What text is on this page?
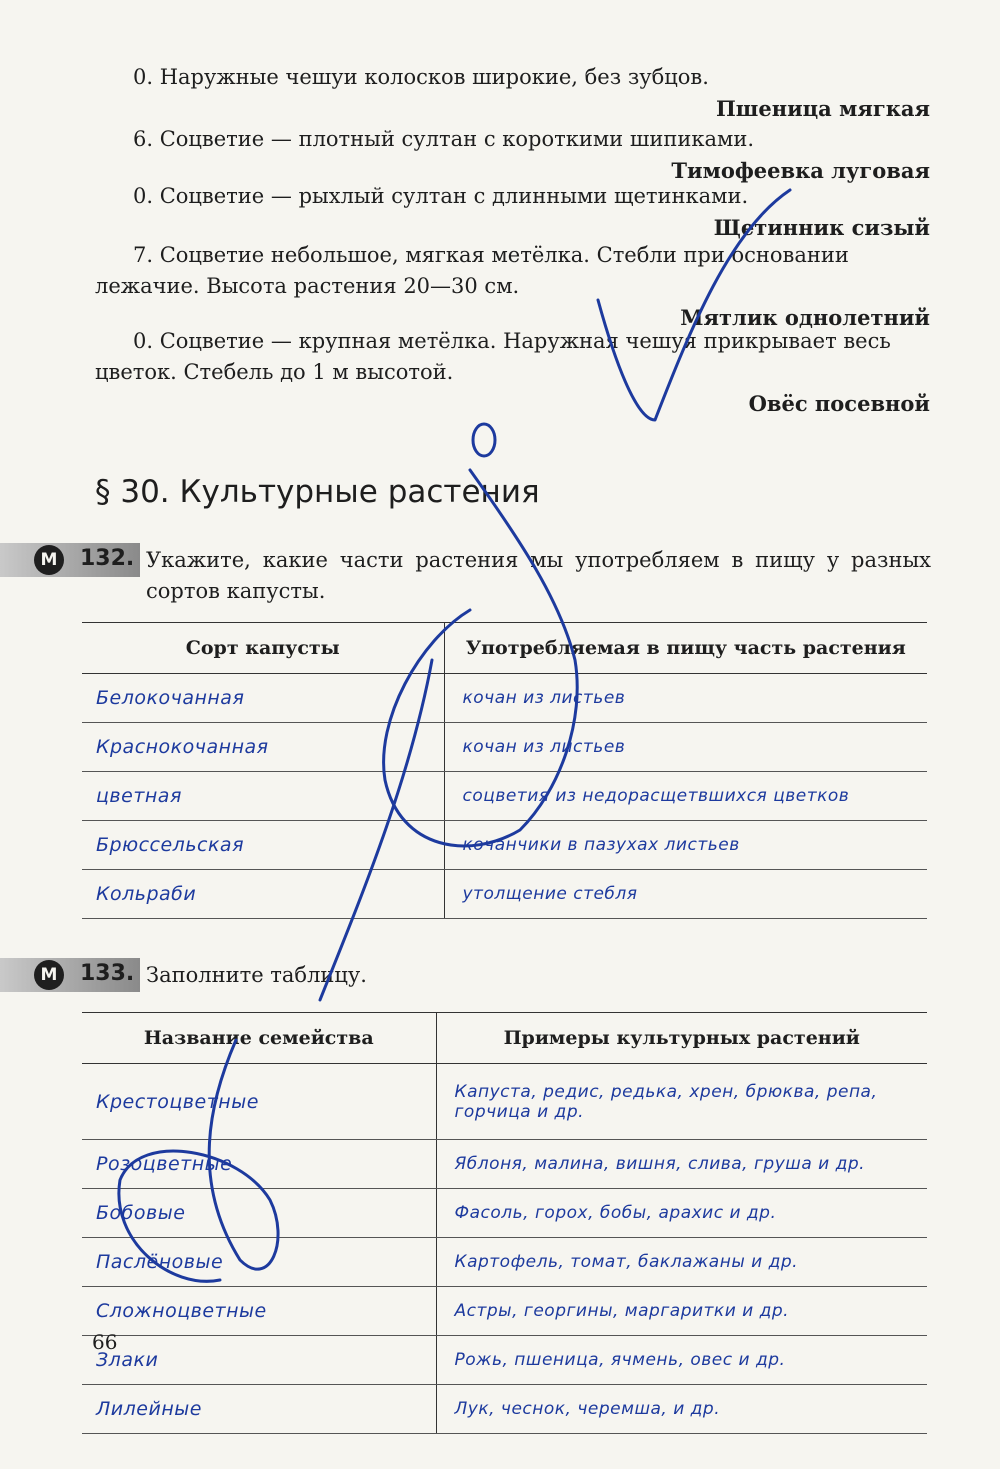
0. Наружные чешуи колосков широкие, без зубцов.
Пшеница мягкая
6. Соцветие — плотный султан с короткими шипиками.
Тимофеевка луговая
0. Соцветие — рыхлый султан с длинными щетинками.
Щетинник сизый
7. Соцветие небольшое, мягкая метёлка. Стебли при основании лежачие. Высота растения 20—30 см.
Мятлик однолетний
0. Соцветие — крупная метёлка. Наружная чешуя прикрывает весь цветок. Стебель до 1 м высотой.
Овёс посевной
§ 30. Культурные растения
М 132. Укажите, какие части растения мы употребляем в пищу у разных сортов капусты.
Сорт капусты	Употребляемая в пищу часть растения
Белокочанная	кочан из листьев
Краснокочанная	кочан из листьев
цветная	соцветия из недорасщетвшихся цветков
Брюссельская	кочанчики в пазухах листьев
Кольраби	утолщение стебля
М 133. Заполните таблицу.
Название семейства	Примеры культурных растений
Крестоцветные	Капуста, редис, редька, хрен, брюква, репа, горчица и др.
Розоцветные	Яблоня, малина, вишня, слива, груша и др.
Бобовые	Фасоль, горох, бобы, арахис и др.
Паслёновые	Картофель, томат, баклажаны и др.
Сложноцветные	Астры, георгины, маргаритки и др.
Злаки	Рожь, пшеница, ячмень, овес и др.
Лилейные	Лук, чеснок, черемша, и др.
66
